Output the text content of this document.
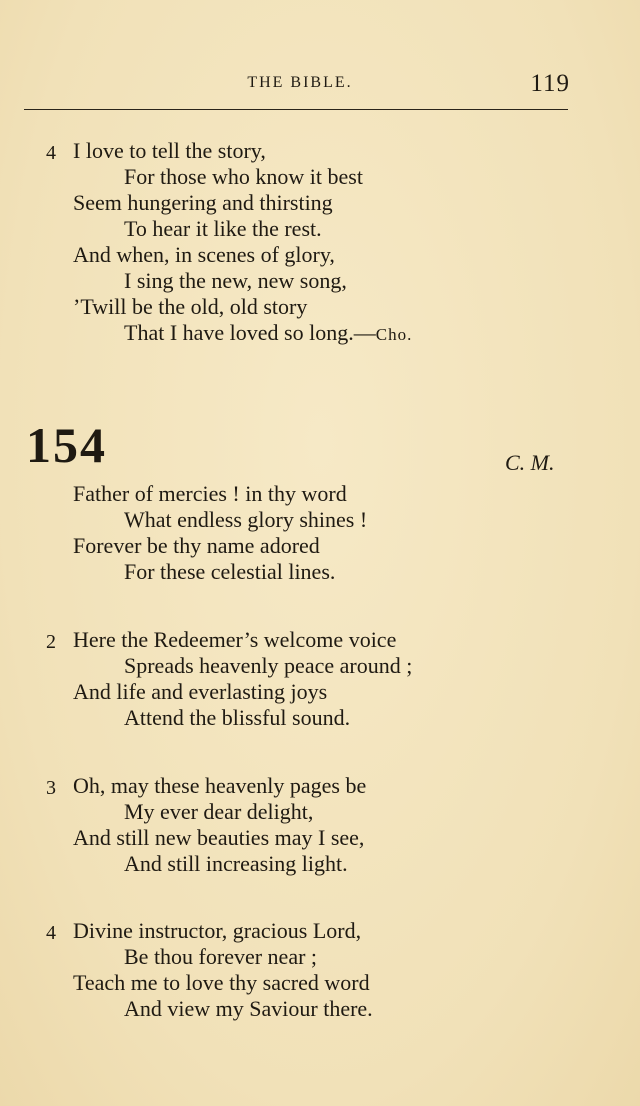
THE BIBLE.	119
4 I love to tell the story,
For those who know it best
Seem hungering and thirsting
To hear it like the rest.
And when, in scenes of glory,
I sing the new, new song,
’Twill be the old, old story
That I have loved so long.—Cho.
154	C. M.
Father of mercies ! in thy word
What endless glory shines !
Forever be thy name adored
For these celestial lines.
2 Here the Redeemer’s welcome voice
Spreads heavenly peace around ;
And life and everlasting joys
Attend the blissful sound.
3 Oh, may these heavenly pages be
My ever dear delight,
And still new beauties may I see,
And still increasing light.
4 Divine instructor, gracious Lord,
Be thou forever near ;
Teach me to love thy sacred word
And view my Saviour there.
